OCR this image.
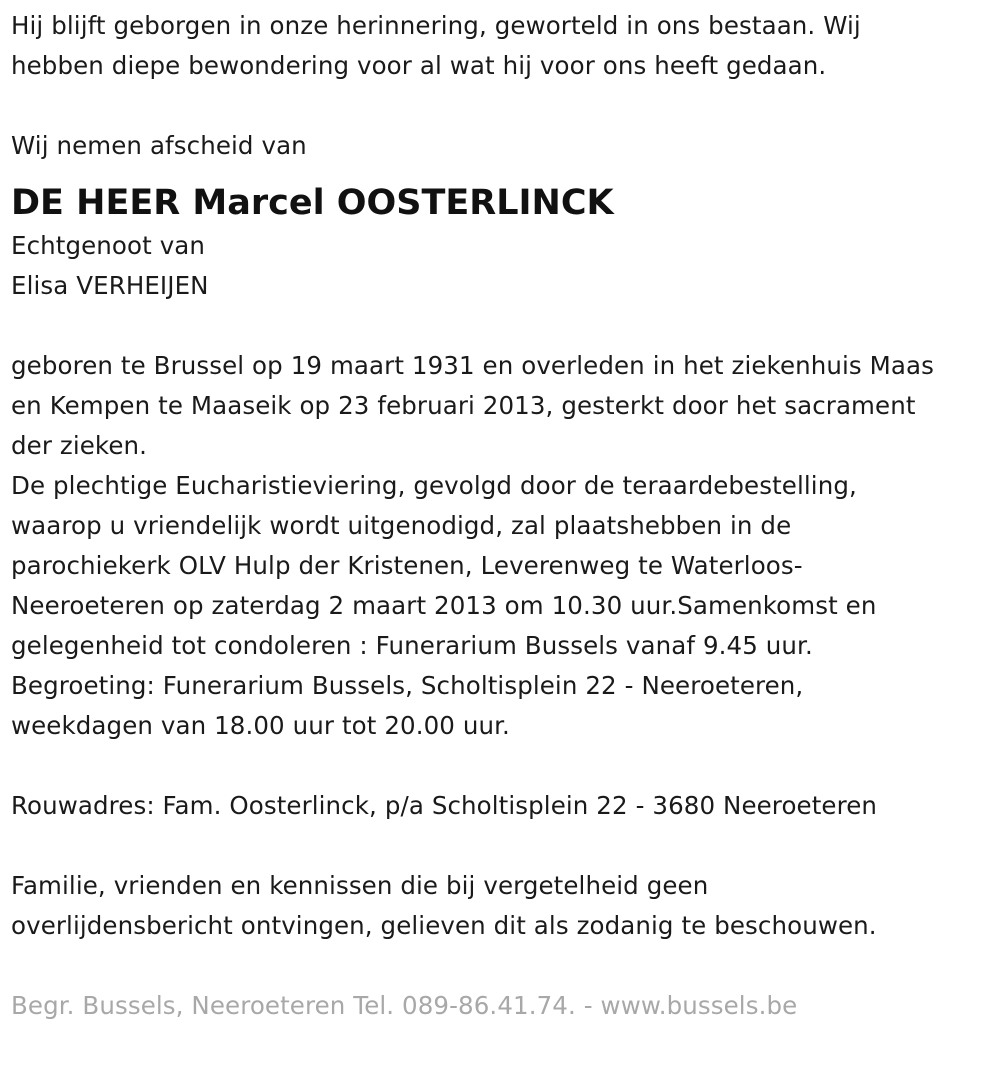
Hij blijft geborgen in onze herinnering, geworteld in ons bestaan. Wij

hebben diepe bewondering voor al wat hij voor ons heeft gedaan.

Wij nemen afscheid van

DE HEER Marcel OOSTERLINCK

Echtgenoot van

Elisa VERHEIJEN

geboren te Brussel op 19 maart 1931 en overleden in het ziekenhuis Maas

en Kempen te Maaseik op 23 februari 2013, gesterkt door het sacrament

der zieken.

De plechtige Eucharistieviering, gevolgd door de teraardebestelling,

waarop u vriendelijk wordt uitgenodigd, zal plaatshebben in de

parochiekerk OLV Hulp der Kristenen, Leverenweg te Waterloos-

Neeroeteren op zaterdag 2 maart 2013 om 10.30 uur.Samenkomst en

gelegenheid tot condoleren : Funerarium Bussels vanaf 9.45 uur.

Begroeting: Funerarium Bussels, Scholtisplein 22 - Neeroeteren,

weekdagen van 18.00 uur tot 20.00 uur.

Rouwadres: Fam. Oosterlinck, p/a Scholtisplein 22 - 3680 Neeroeteren

Familie, vrienden en kennissen die bij vergetelheid geen

overlijdensbericht ontvingen, gelieven dit als zodanig te beschouwen.

Begr. Bussels, Neeroeteren Tel. 089-86.41.74. - www.bussels.be
